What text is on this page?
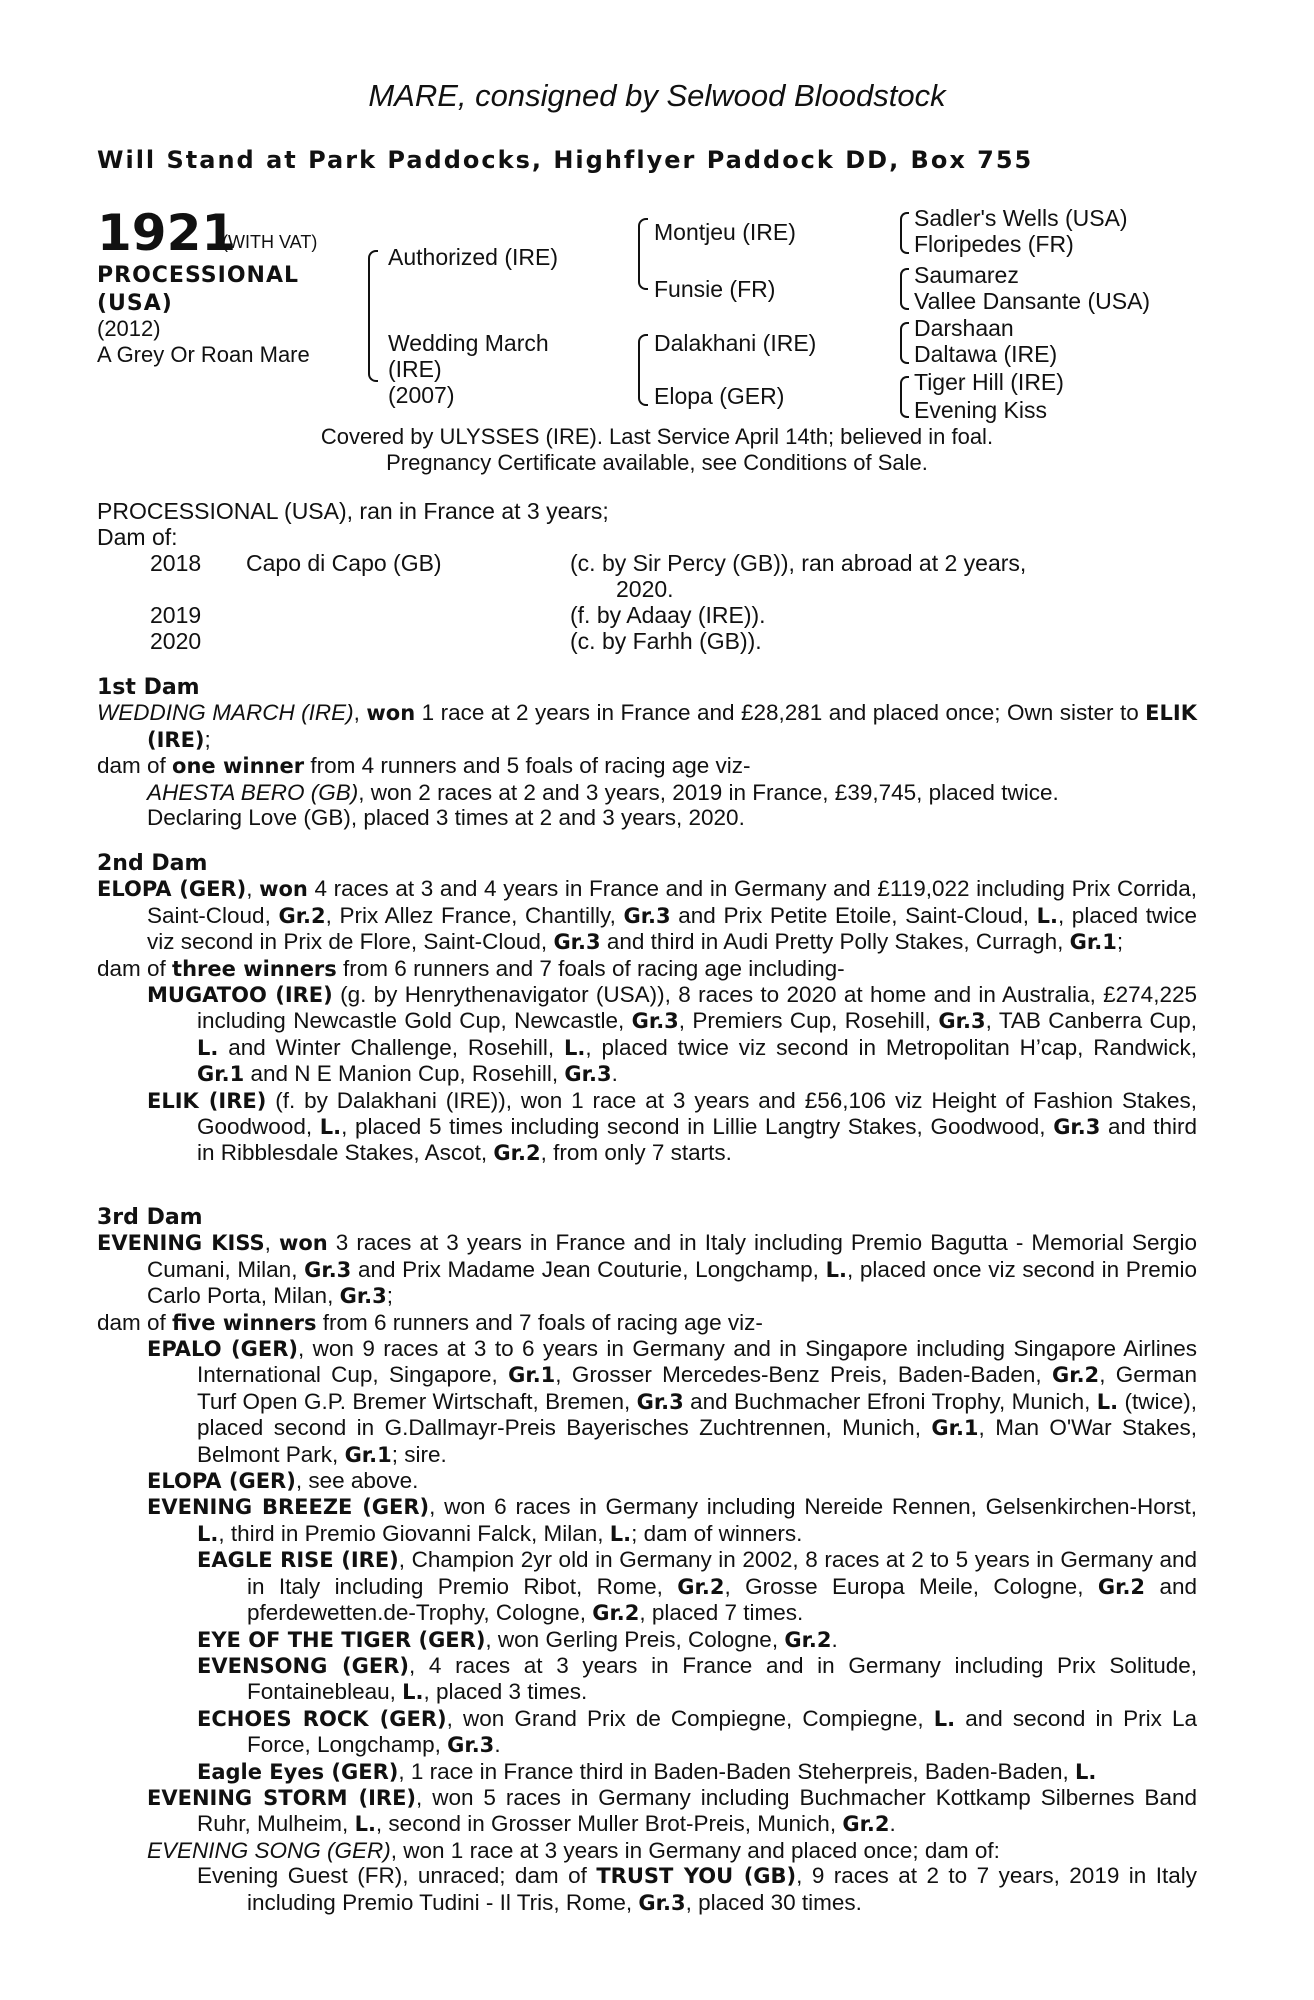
MARE, consigned by Selwood Bloodstock
Will Stand at Park Paddocks, Highflyer Paddock DD, Box 755
1921
(WITH VAT)
PROCESSIONAL (USA)
(2012)
A Grey Or Roan Mare
Authorized (IRE)
Wedding March
(IRE)
(2007)
Montjeu (IRE)
Funsie (FR)
Dalakhani (IRE)
Elopa (GER)
Sadler's Wells (USA)
Floripedes (FR)
Saumarez
Vallee Dansante (USA)
Darshaan
Daltawa (IRE)
Tiger Hill (IRE)
Evening Kiss
Covered by ULYSSES (IRE). Last Service April 14th; believed in foal.
Pregnancy Certificate available, see Conditions of Sale.
PROCESSIONAL (USA), ran in France at 3 years;
Dam of:
2018 Capo di Capo (GB)	(c. by Sir Percy (GB)), ran abroad at 2 years,
2020.
2019	(f. by Adaay (IRE)).
2020	(c. by Farhh (GB)).
1st Dam
WEDDING MARCH (IRE), won 1 race at 2 years in France and £28,281 and placed once; Own sister to ELIK (IRE);
dam of one winner from 4 runners and 5 foals of racing age viz-
AHESTA BERO (GB), won 2 races at 2 and 3 years, 2019 in France, £39,745, placed twice.
Declaring Love (GB), placed 3 times at 2 and 3 years, 2020.
2nd Dam
ELOPA (GER), won 4 races at 3 and 4 years in France and in Germany and £119,022 including Prix Corrida, Saint-Cloud, Gr.2, Prix Allez France, Chantilly, Gr.3 and Prix Petite Etoile, Saint-Cloud, L., placed twice viz second in Prix de Flore, Saint-Cloud, Gr.3 and third in Audi Pretty Polly Stakes, Curragh, Gr.1;
dam of three winners from 6 runners and 7 foals of racing age including-
MUGATOO (IRE) (g. by Henrythenavigator (USA)), 8 races to 2020 at home and in Australia, £274,225 including Newcastle Gold Cup, Newcastle, Gr.3, Premiers Cup, Rosehill, Gr.3, TAB Canberra Cup, L. and Winter Challenge, Rosehill, L., placed twice viz second in Metropolitan H’cap, Randwick, Gr.1 and N E Manion Cup, Rosehill, Gr.3.
ELIK (IRE) (f. by Dalakhani (IRE)), won 1 race at 3 years and £56,106 viz Height of Fashion Stakes, Goodwood, L., placed 5 times including second in Lillie Langtry Stakes, Goodwood, Gr.3 and third in Ribblesdale Stakes, Ascot, Gr.2, from only 7 starts.
3rd Dam
EVENING KISS, won 3 races at 3 years in France and in Italy including Premio Bagutta - Memorial Sergio Cumani, Milan, Gr.3 and Prix Madame Jean Couturie, Longchamp, L., placed once viz second in Premio Carlo Porta, Milan, Gr.3;
dam of five winners from 6 runners and 7 foals of racing age viz-
EPALO (GER), won 9 races at 3 to 6 years in Germany and in Singapore including Singapore Airlines International Cup, Singapore, Gr.1, Grosser Mercedes-Benz Preis, Baden-Baden, Gr.2, German Turf Open G.P. Bremer Wirtschaft, Bremen, Gr.3 and Buchmacher Efroni Trophy, Munich, L. (twice), placed second in G.Dallmayr-Preis Bayerisches Zuchtrennen, Munich, Gr.1, Man O'War Stakes, Belmont Park, Gr.1; sire.
ELOPA (GER), see above.
EVENING BREEZE (GER), won 6 races in Germany including Nereide Rennen, Gelsenkirchen-Horst, L., third in Premio Giovanni Falck, Milan, L.; dam of winners.
EAGLE RISE (IRE), Champion 2yr old in Germany in 2002, 8 races at 2 to 5 years in Germany and in Italy including Premio Ribot, Rome, Gr.2, Grosse Europa Meile, Cologne, Gr.2 and pferdewetten.de-Trophy, Cologne, Gr.2, placed 7 times.
EYE OF THE TIGER (GER), won Gerling Preis, Cologne, Gr.2.
EVENSONG (GER), 4 races at 3 years in France and in Germany including Prix Solitude, Fontainebleau, L., placed 3 times.
ECHOES ROCK (GER), won Grand Prix de Compiegne, Compiegne, L. and second in Prix La Force, Longchamp, Gr.3.
Eagle Eyes (GER), 1 race in France third in Baden-Baden Steherpreis, Baden-Baden, L.
EVENING STORM (IRE), won 5 races in Germany including Buchmacher Kottkamp Silbernes Band Ruhr, Mulheim, L., second in Grosser Muller Brot-Preis, Munich, Gr.2.
EVENING SONG (GER), won 1 race at 3 years in Germany and placed once; dam of:
Evening Guest (FR), unraced; dam of TRUST YOU (GB), 9 races at 2 to 7 years, 2019 in Italy including Premio Tudini - Il Tris, Rome, Gr.3, placed 30 times.
